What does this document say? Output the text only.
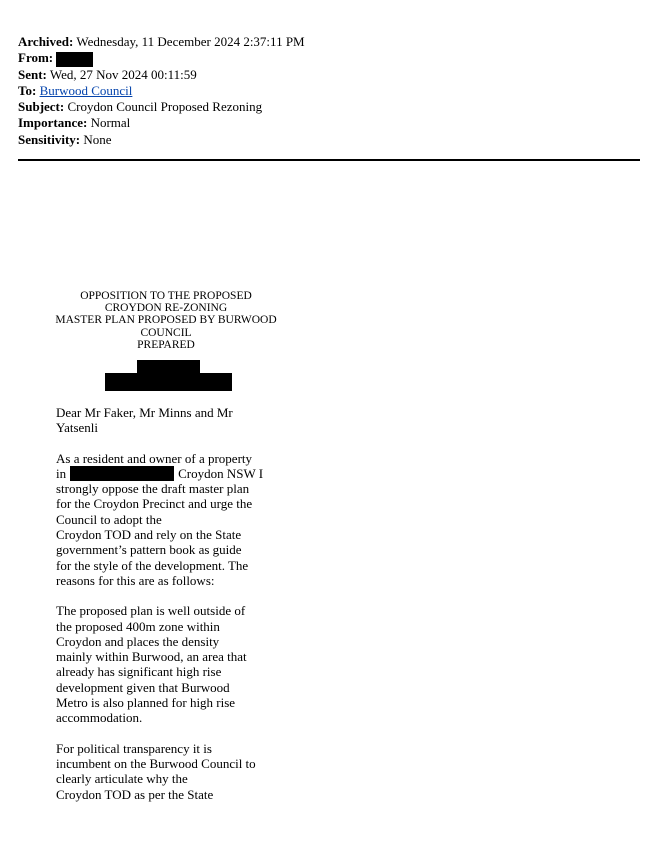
Archived: Wednesday, 11 December 2024 2:37:11 PM
From:
Sent: Wed, 27 Nov 2024 00:11:59
To: Burwood Council
Subject: Croydon Council Proposed Rezoning
Importance: Normal
Sensitivity: None
OPPOSITION TO THE PROPOSED
CROYDON RE-ZONING
MASTER PLAN PROPOSED BY BURWOOD
COUNCIL
PREPARED

Dear Mr Faker, Mr Minns and Mr
Yatsenli

As a resident and owner of a property
in	Croydon NSW I
strongly oppose the draft master plan
for the Croydon Precinct and urge the
Council to adopt the
Croydon TOD and rely on the State
government’s pattern book as guide
for the style of the development. The
reasons for this are as follows:

The proposed plan is well outside of
the proposed 400m zone within
Croydon and places the density
mainly within Burwood, an area that
already has significant high rise
development given that Burwood
Metro is also planned for high rise
accommodation.

For political transparency it is
incumbent on the Burwood Council to
clearly articulate why the
Croydon TOD as per the State
